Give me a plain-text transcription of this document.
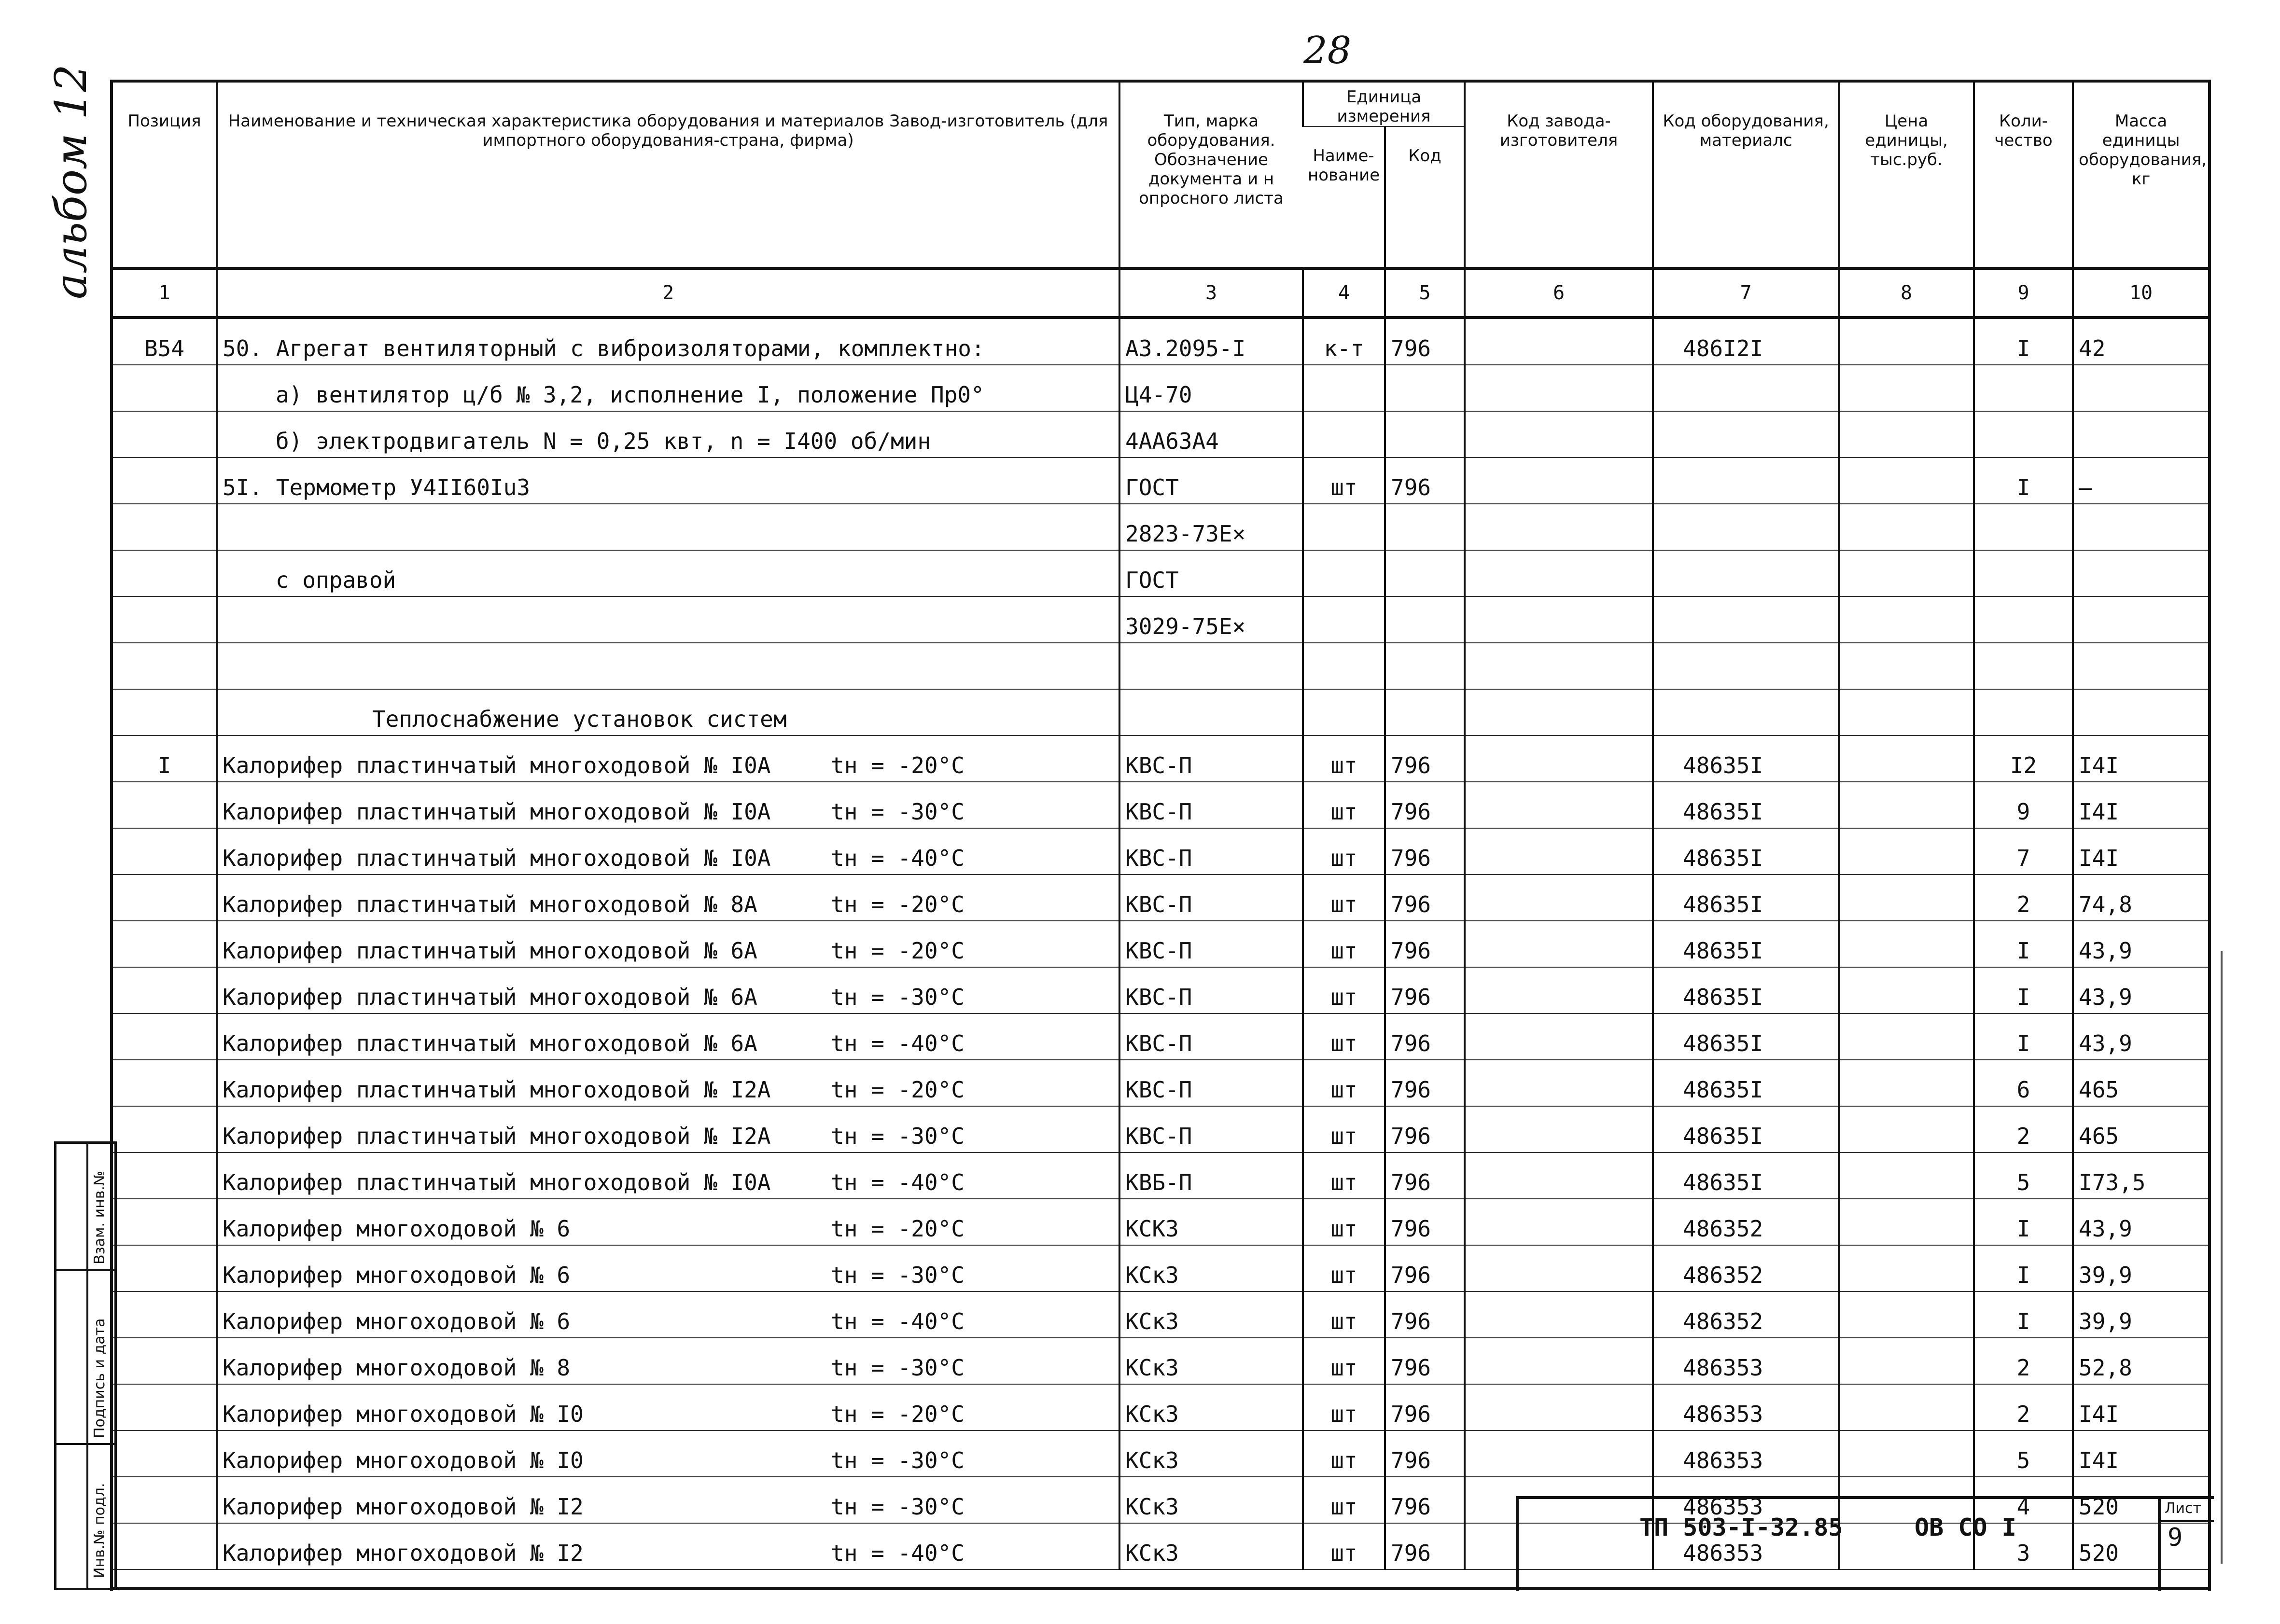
28
альбом 12 Позиция	Наименование и техническая характеристика оборудования и материалов Завод-изготовитель (для импортного оборудования-страна, фирма)	Тип, марка оборудования. Обозначение документа и н опросного листа	Единица измерения		Код завода-изготовителя	Код оборудования, материалс	Цена единицы, тыс.руб.	Коли-чество	Масса единицы оборудования, кг
			Наиме-нование	Код					
1	2	3	4	5	6	7	8	9	10
В54	50. Агрегат вентиляторный с виброизоляторами, комплектно:	А3.2095-I	к-т	796		486I2I		I	42
	а) вентилятор ц/б № 3,2, исполнение I, положение Пр0°	Ц4-70							
	б) электродвигатель N = 0,25 квт, n = I400 об/мин	4АА63А4							
	5I. Термометр У4II60IuЗ	ГОСТ	шт	796				I	–
		2823-73Е×							
	с оправой	ГОСТ							
		3029-75Е×							

	Теплоснабжение установок систем								
I	Калорифер пластинчатый многоходовой № I0А tн = -20°С	КВС-П	шт	796		48635I		I2	I4I
	Калорифер пластинчатый многоходовой № I0А tн = -30°С	КВС-П	шт	796		48635I		9	I4I
	Калорифер пластинчатый многоходовой № I0А tн = -40°С	КВС-П	шт	796		48635I		7	I4I
	Калорифер пластинчатый многоходовой № 8А tн = -20°С	КВС-П	шт	796		48635I		2	74,8
	Калорифер пластинчатый многоходовой № 6А tн = -20°С	КВС-П	шт	796		48635I		I	43,9
	Калорифер пластинчатый многоходовой № 6А tн = -30°С	КВС-П	шт	796		48635I		I	43,9
	Калорифер пластинчатый многоходовой № 6А tн = -40°С	КВС-П	шт	796		48635I		I	43,9
	Калорифер пластинчатый многоходовой № I2А tн = -20°С	КВС-П	шт	796		48635I		6	465
	Калорифер пластинчатый многоходовой № I2А tн = -30°С	КВС-П	шт	796		48635I		2	465
	Калорифер пластинчатый многоходовой № I0А tн = -40°С	КВБ-П	шт	796		48635I		5	I73,5
	Калорифер многоходовой № 6 tн = -20°С	КСК3	шт	796		486352		I	43,9
	Калорифер многоходовой № 6 tн = -30°С	КСк3	шт	796		486352		I	39,9
	Калорифер многоходовой № 6 tн = -40°С	КСк3	шт	796		486352		I	39,9
	Калорифер многоходовой № 8 tн = -30°С	КСк3	шт	796		486353		2	52,8
	Калорифер многоходовой № I0 tн = -20°С	КСк3	шт	796		486353		2	I4I
	Калорифер многоходовой № I0 tн = -30°С	КСк3	шт	796		486353		5	I4I
	Калорифер многоходовой № I2 tн = -30°С	КСк3	шт	796		486353		4	520
	Калорифер многоходовой № I2 tн = -40°С	КСк3	шт	796		486353		3	520
Взам. инв.№
Подпись и дата
Инв.№ подл.	ТП 503-I-32.85	ОВ СО I
Лист
9
